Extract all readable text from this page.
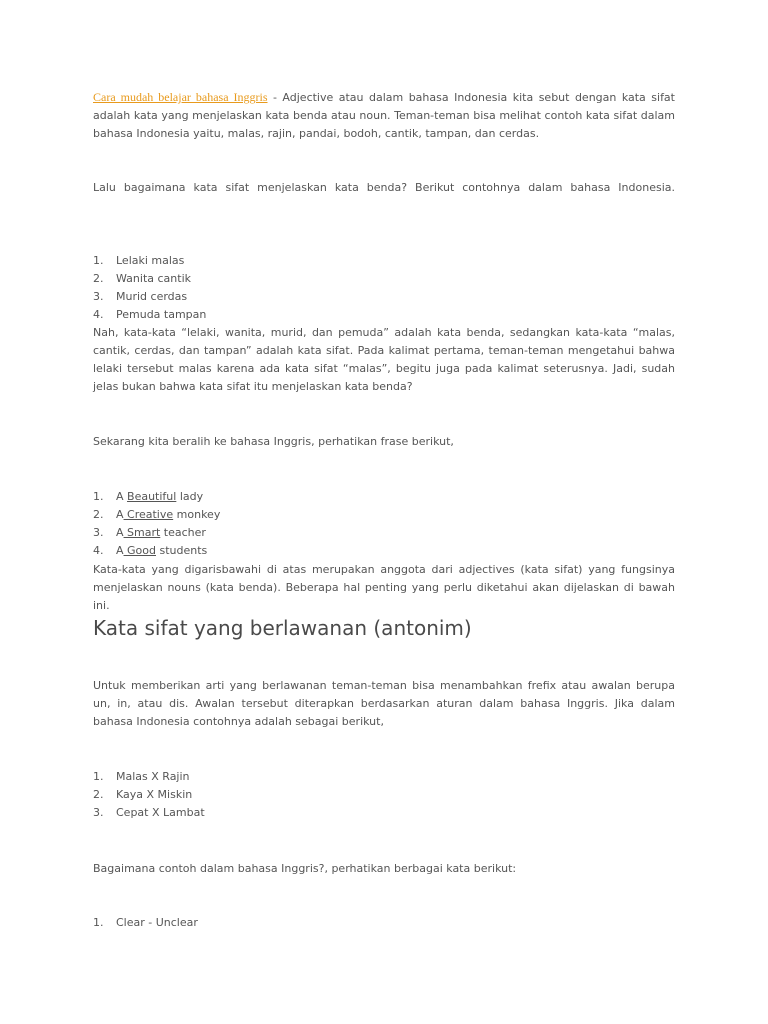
Cara mudah belajar bahasa Inggris - Adjective atau dalam bahasa Indonesia kita sebut dengan kata sifat adalah kata yang menjelaskan kata benda atau noun. Teman-teman bisa melihat contoh kata sifat dalam bahasa Indonesia yaitu, malas, rajin, pandai, bodoh, cantik, tampan, dan cerdas.

Lalu bagaimana kata sifat menjelaskan kata benda? Berikut contohnya dalam bahasa Indonesia.

1. Lelaki malas
2. Wanita cantik
3. Murid cerdas
4. Pemuda tampan

Nah, kata-kata “lelaki, wanita, murid, dan pemuda” adalah kata benda, sedangkan kata-kata “malas, cantik, cerdas, dan tampan” adalah kata sifat. Pada kalimat pertama, teman-teman mengetahui bahwa lelaki tersebut malas karena ada kata sifat “malas”, begitu juga pada kalimat seterusnya. Jadi, sudah jelas bukan bahwa kata sifat itu menjelaskan kata benda?

Sekarang kita beralih ke bahasa Inggris, perhatikan frase berikut,

1. A Beautiful lady
2. A Creative monkey
3. A Smart teacher
4. A Good students

Kata-kata yang digarisbawahi di atas merupakan anggota dari adjectives (kata sifat) yang fungsinya menjelaskan nouns (kata benda). Beberapa hal penting yang perlu diketahui akan dijelaskan di bawah ini.

Kata sifat yang berlawanan (antonim)

Untuk memberikan arti yang berlawanan teman-teman bisa menambahkan frefix atau awalan berupa un, in, atau dis. Awalan tersebut diterapkan berdasarkan aturan dalam bahasa Inggris. Jika dalam bahasa Indonesia contohnya adalah sebagai berikut,

1. Malas X Rajin
2. Kaya X Miskin
3. Cepat X Lambat

Bagaimana contoh dalam bahasa Inggris?, perhatikan berbagai kata berikut:

1. Clear - Unclear
